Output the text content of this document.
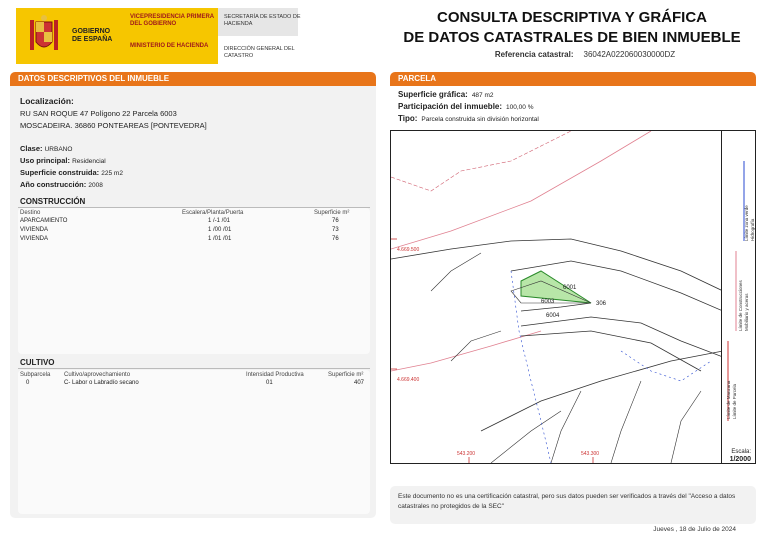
GOBIERNO DE ESPAÑA
VICEPRESIDENCIA PRIMERA DEL GOBIERNO
MINISTERIO DE HACIENDA
SECRETARÍA DE ESTADO DE HACIENDA
DIRECCIÓN GENERAL DEL CATASTRO
CONSULTA DESCRIPTIVA Y GRÁFICA
DE DATOS CATASTRALES DE BIEN INMUEBLE
Referencia catastral: 36042A022060030000DZ
DATOS DESCRIPTIVOS DEL INMUEBLE
Localización:
RU SAN ROQUE 47 Polígono 22 Parcela 6003
MOSCADEIRA. 36860 PONTEAREAS [PONTEVEDRA]
Clase: URBANO
Uso principal: Residencial
Superficie construida: 225 m2
Año construcción: 2008
CONSTRUCCIÓN
Destino	Escalera/Planta/Puerta	Superficie m²
APARCAMIENTO	1 /-1 /01	76
VIVIENDA	1 /00 /01	73
VIVIENDA	1 /01 /01	76
CULTIVO
Subparcela Cultivo/aprovechamiento	Intensidad Productiva	Superficie m²
0	C- Labor o Labradío secano	01	407
PARCELA
Superficie gráfica: 487 m2
Participación del inmueble: 100,00 %
Tipo: Parcela construida sin división horizontal
6003
6001
6004
306
4.669.500
4.669.400
543.200	543.300
Límite de Manzana Límite de Parcela
Límite de Construcciones Mobiliario y aceras
Límite zona verde Hidrografía
Escala:
1/2000
Este documento no es una certificación catastral, pero sus datos pueden ser verificados a través del "Acceso a datos catastrales no protegidos de la SEC"
Jueves , 18 de Julio de 2024
